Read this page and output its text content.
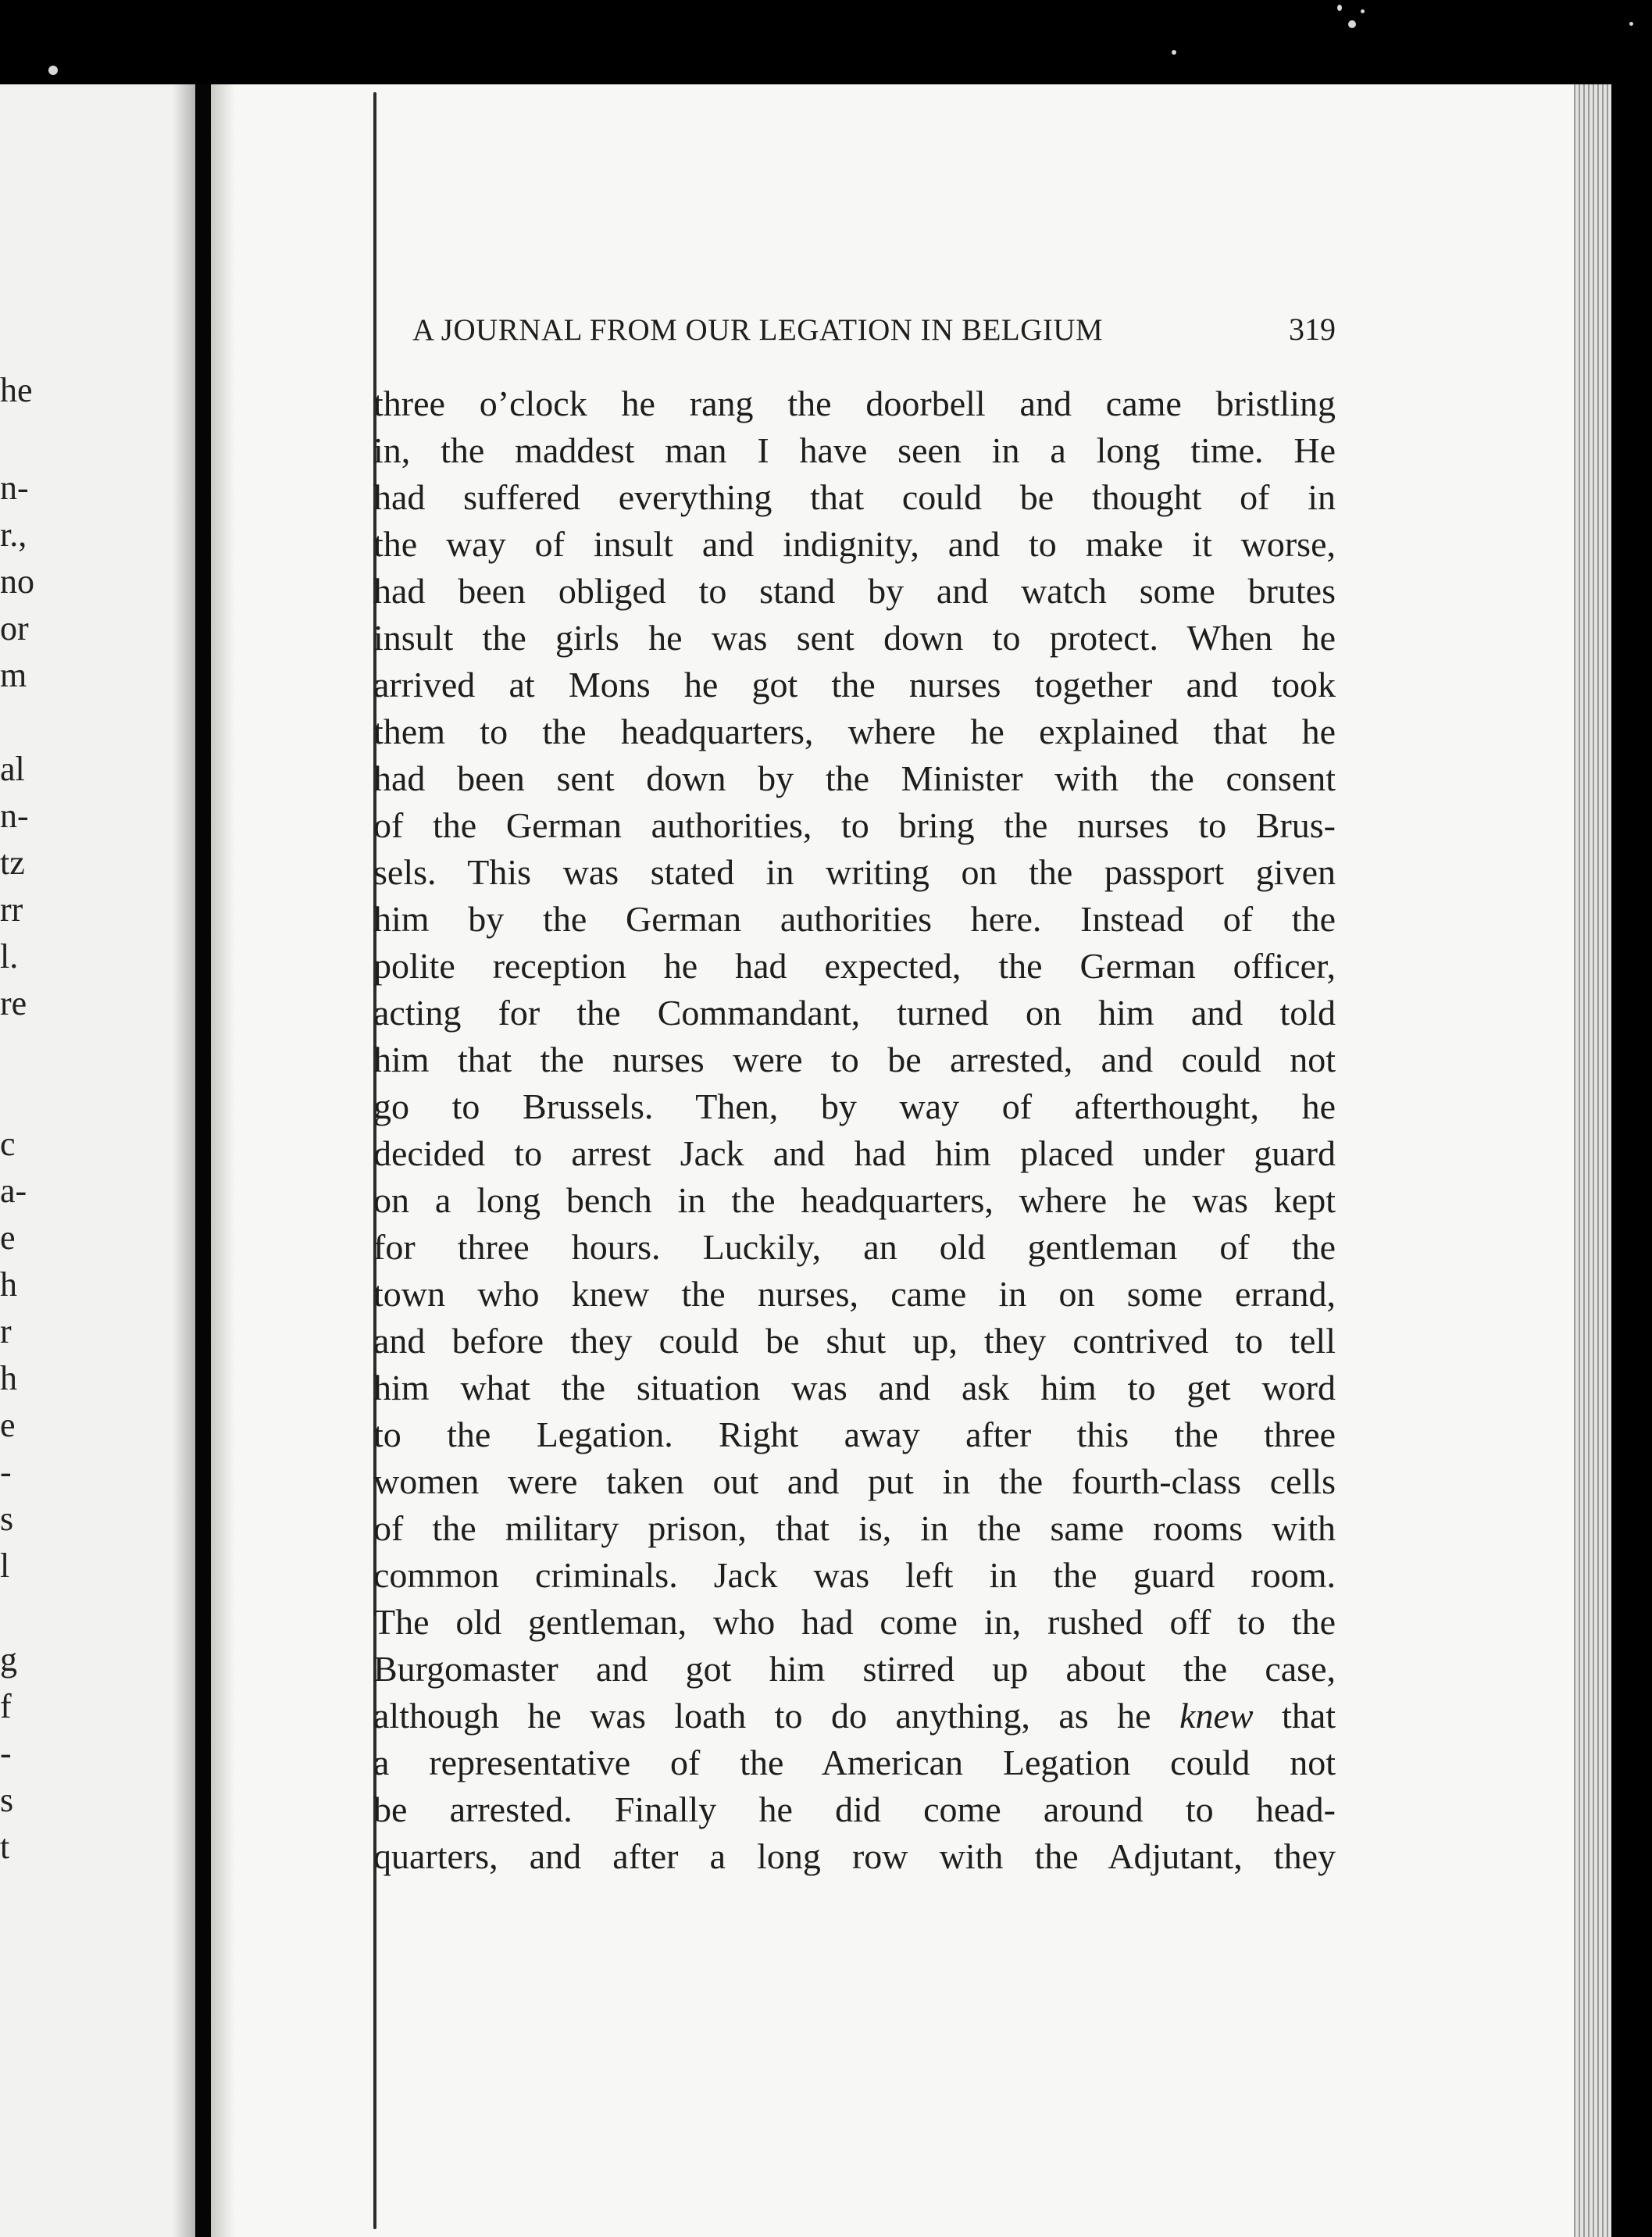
he
n-
r.,
no
or
m
al
n-
tz
rr
l.
re
c
a-
e
h
r
h
e
-
s
l
g
f
-
s
t
A JOURNAL FROM OUR LEGATION IN BELGIUM	319
three o’clock he rang the doorbell and came bristling
in, the maddest man I have seen in a long time. He
had suffered everything that could be thought of in
the way of insult and indignity, and to make it worse,
had been obliged to stand by and watch some brutes
insult the girls he was sent down to protect. When he
arrived at Mons he got the nurses together and took
them to the headquarters, where he explained that he
had been sent down by the Minister with the consent
of the German authorities, to bring the nurses to Brus-
sels. This was stated in writing on the passport given
him by the German authorities here. Instead of the
polite reception he had expected, the German officer,
acting for the Commandant, turned on him and told
him that the nurses were to be arrested, and could not
go to Brussels. Then, by way of afterthought, he
decided to arrest Jack and had him placed under guard
on a long bench in the headquarters, where he was kept
for three hours. Luckily, an old gentleman of the
town who knew the nurses, came in on some errand,
and before they could be shut up, they contrived to tell
him what the situation was and ask him to get word
to the Legation. Right away after this the three
women were taken out and put in the fourth-class cells
of the military prison, that is, in the same rooms with
common criminals. Jack was left in the guard room.
The old gentleman, who had come in, rushed off to the
Burgomaster and got him stirred up about the case,
although he was loath to do anything, as he knew that
a representative of the American Legation could not
be arrested. Finally he did come around to head-
quarters, and after a long row with the Adjutant, they
